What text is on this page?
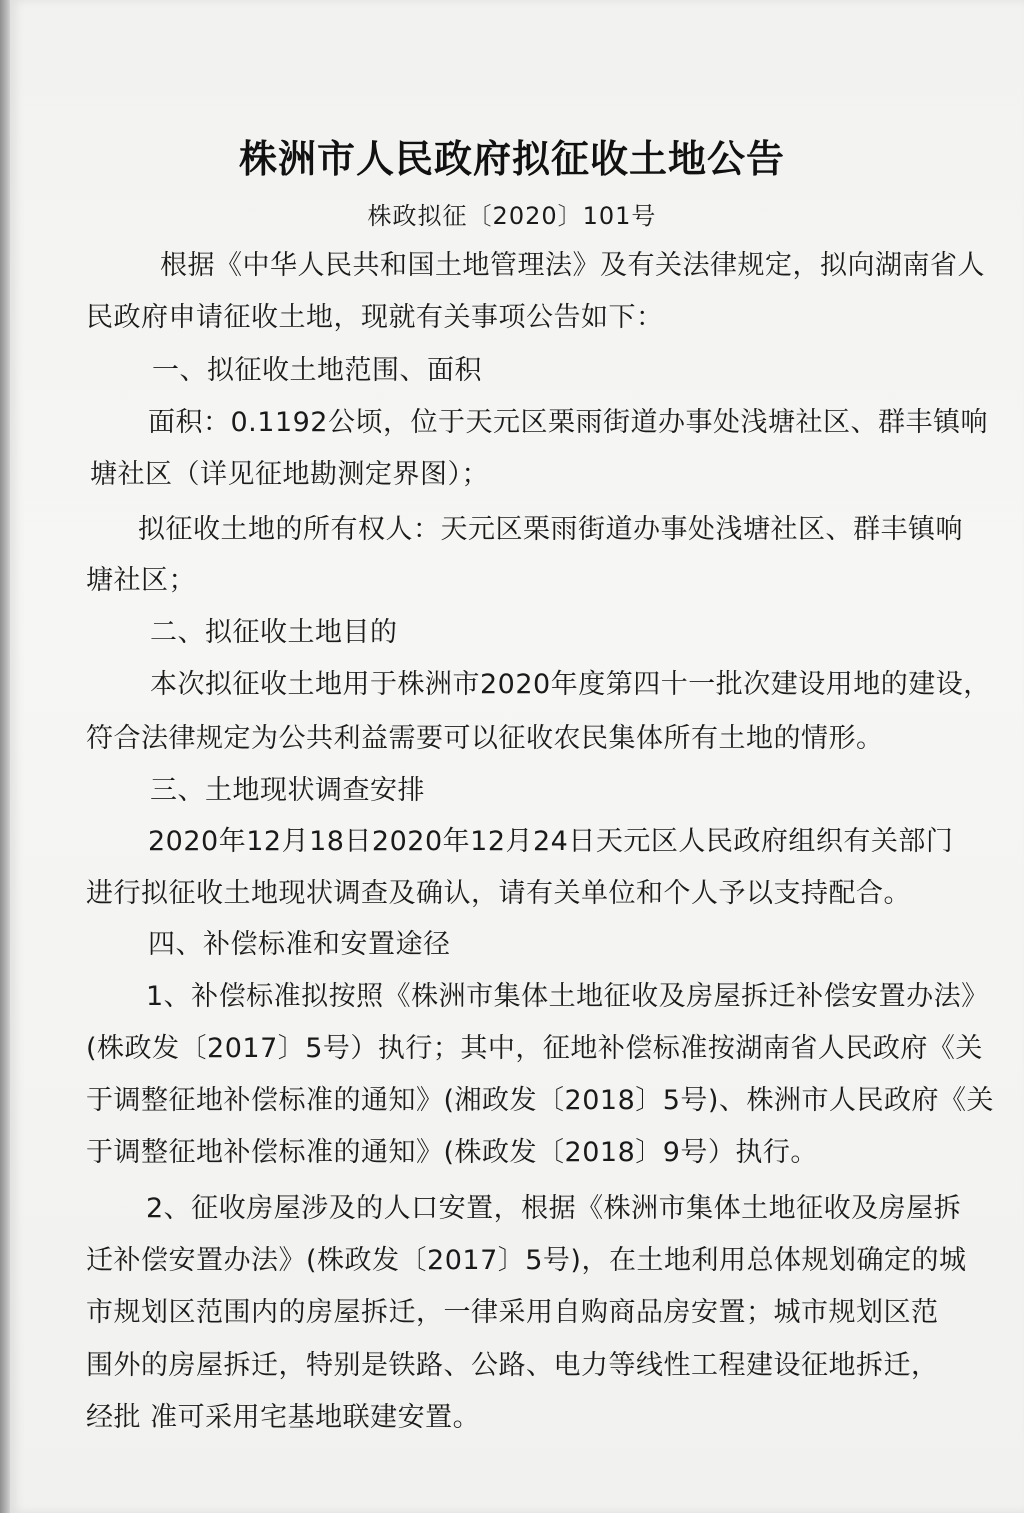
株洲市人民政府拟征收土地公告
株政拟征〔2020〕101号
根据《中华人民共和国土地管理法》及有关法律规定，拟向湖南省人
民政府申请征收土地，现就有关事项公告如下：
一、拟征收土地范围、面积
面积：0.1192公顷，位于天元区栗雨街道办事处浅塘社区、群丰镇响
塘社区（详见征地勘测定界图）；
拟征收土地的所有权人：天元区栗雨街道办事处浅塘社区、群丰镇响
塘社区；
二、拟征收土地目的
本次拟征收土地用于株洲市2020年度第四十一批次建设用地的建设，
符合法律规定为公共利益需要可以征收农民集体所有土地的情形。
三、土地现状调查安排
2020年12月18日2020年12月24日天元区人民政府组织有关部门
进行拟征收土地现状调查及确认，请有关单位和个人予以支持配合。
四、补偿标准和安置途径
1、补偿标准拟按照《株洲市集体土地征收及房屋拆迁补偿安置办法》
(株政发〔2017〕5号）执行；其中，征地补偿标准按湖南省人民政府《关
于调整征地补偿标准的通知》(湘政发〔2018〕5号)、株洲市人民政府《关
于调整征地补偿标准的通知》(株政发〔2018〕9号）执行。
2、征收房屋涉及的人口安置，根据《株洲市集体土地征收及房屋拆
迁补偿安置办法》(株政发〔2017〕5号)，在土地利用总体规划确定的城
市规划区范围内的房屋拆迁，一律采用自购商品房安置；城市规划区范
围外的房屋拆迁，特别是铁路、公路、电力等线性工程建设征地拆迁，
经批 准可采用宅基地联建安置。
